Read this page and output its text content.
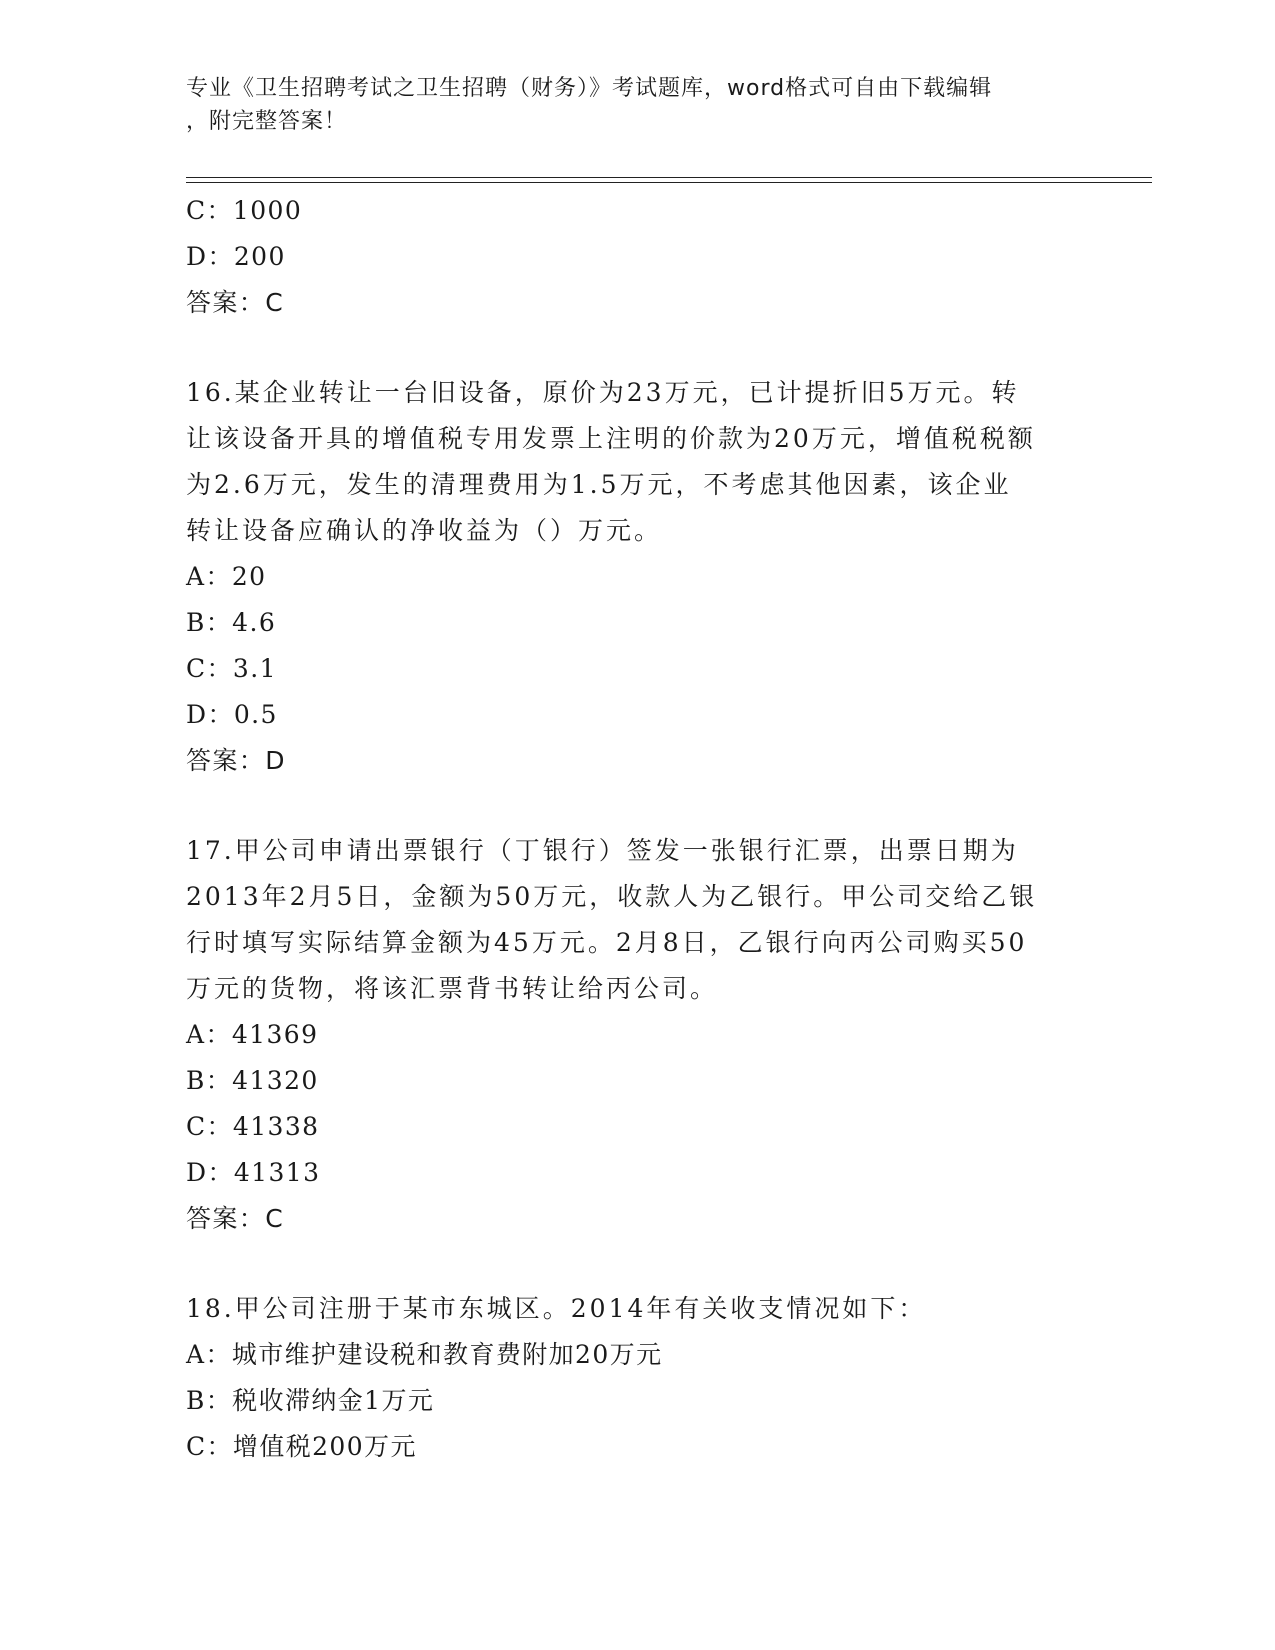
专业《卫生招聘考试之卫生招聘（财务）》考试题库，word格式可自由下载编辑
，附完整答案！
C：1000
D：200
答案：C
16.某企业转让一台旧设备，原价为23万元，已计提折旧5万元。转
让该设备开具的增值税专用发票上注明的价款为20万元，增值税税额
为2.6万元，发生的清理费用为1.5万元，不考虑其他因素，该企业
转让设备应确认的净收益为（）万元。
A：20
B：4.6
C：3.1
D：0.5
答案：D
17.甲公司申请出票银行（丁银行）签发一张银行汇票，出票日期为
2013年2月5日，金额为50万元，收款人为乙银行。甲公司交给乙银
行时填写实际结算金额为45万元。2月8日，乙银行向丙公司购买50
万元的货物，将该汇票背书转让给丙公司。
A：41369
B：41320
C：41338
D：41313
答案：C
18.甲公司注册于某市东城区。2014年有关收支情况如下：
A：城市维护建设税和教育费附加20万元
B：税收滞纳金1万元
C：增值税200万元
